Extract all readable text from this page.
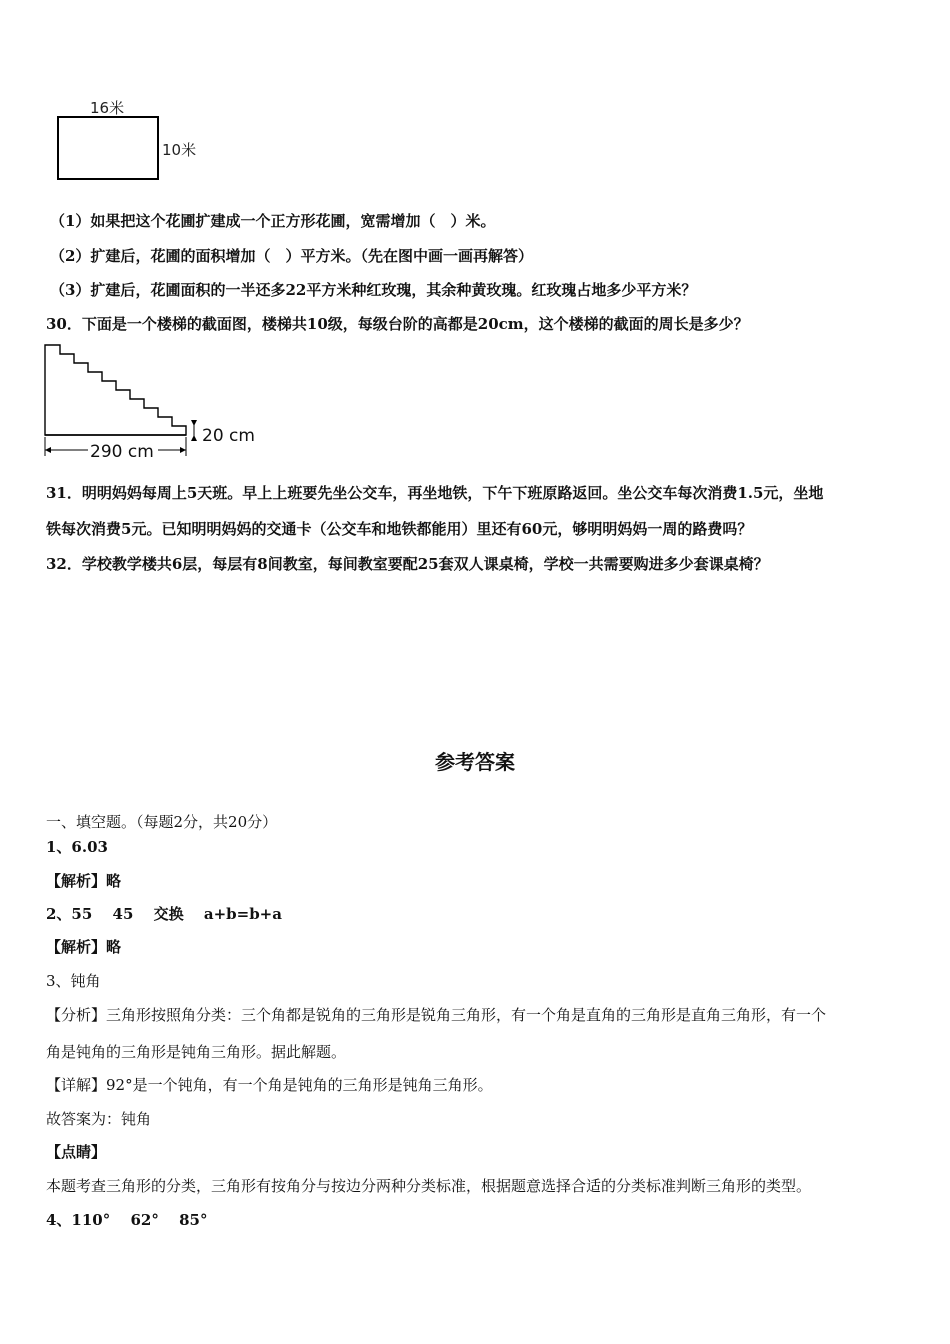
16米
10米
（1）如果把这个花圃扩建成一个正方形花圃，宽需增加（　）米。
（2）扩建后，花圃的面积增加（　）平方米。（先在图中画一画再解答）
（3）扩建后，花圃面积的一半还多22平方米种红玫瑰，其余种黄玫瑰。红玫瑰占地多少平方米？
30．下面是一个楼梯的截面图，楼梯共10级，每级台阶的高都是20cm，这个楼梯的截面的周长是多少？
290 cm
20 cm
31．明明妈妈每周上5天班。早上上班要先坐公交车，再坐地铁，下午下班原路返回。坐公交车每次消费1.5元，坐地
铁每次消费5元。已知明明妈妈的交通卡（公交车和地铁都能用）里还有60元，够明明妈妈一周的路费吗？
32．学校教学楼共6层，每层有8间教室，每间教室要配25套双人课桌椅，学校一共需要购进多少套课桌椅？
参考答案
一、填空题。（每题2分，共20分）
1、6.03
【解析】略
2、55　 45　 交换　 a+b=b+a
【解析】略
3、钝角
【分析】三角形按照角分类：三个角都是锐角的三角形是锐角三角形，有一个角是直角的三角形是直角三角形，有一个
角是钝角的三角形是钝角三角形。据此解题。
【详解】92°是一个钝角，有一个角是钝角的三角形是钝角三角形。
故答案为：钝角
【点睛】
本题考查三角形的分类，三角形有按角分与按边分两种分类标准，根据题意选择合适的分类标准判断三角形的类型。
4、110°　 62°　 85°
